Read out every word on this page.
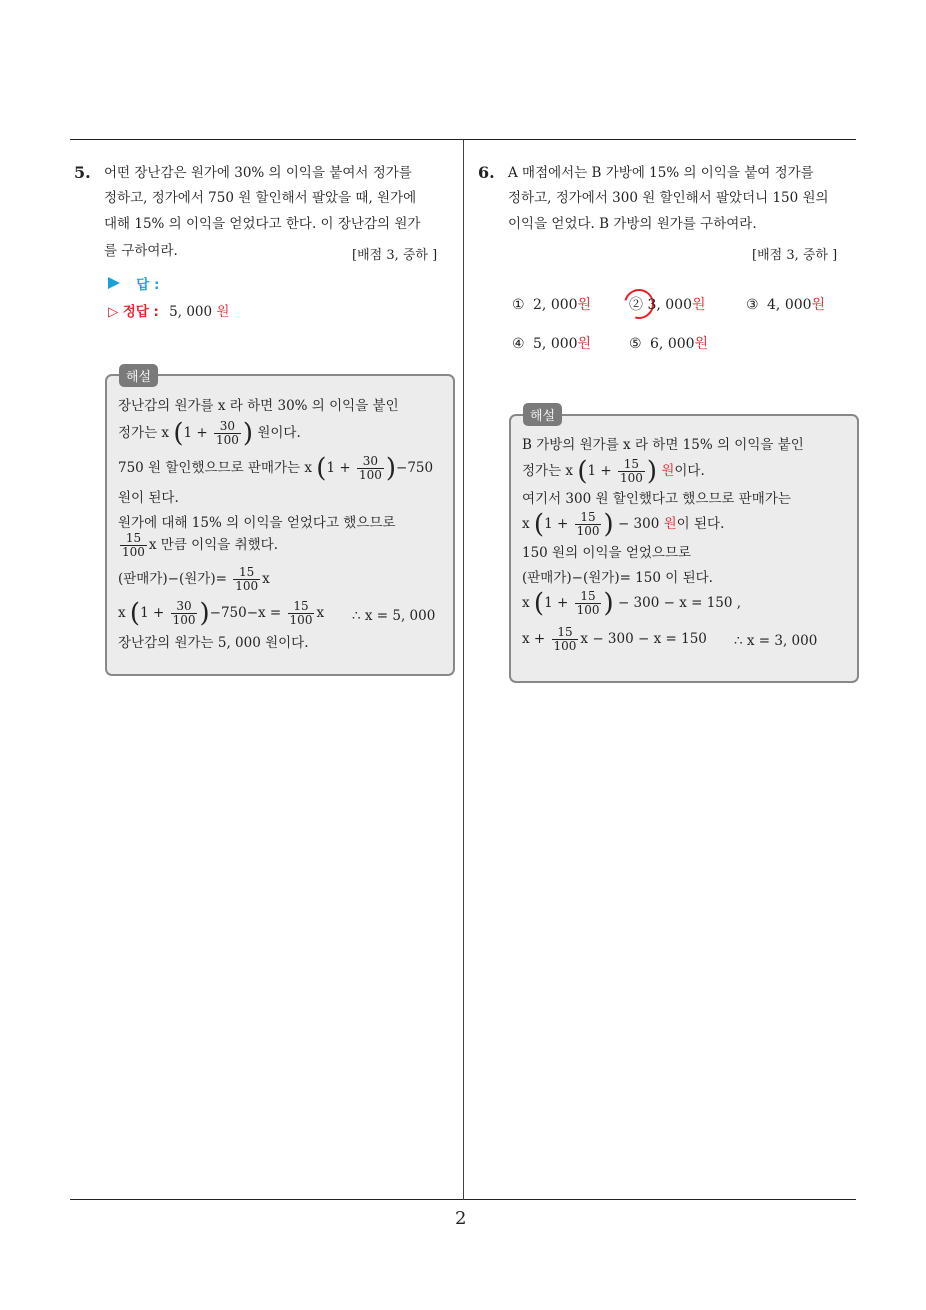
5. 어떤 장난감은 원가에 30% 의 이익을 붙여서 정가를
정하고, 정가에서 750 원 할인해서 팔았을 때, 원가에
대해 15% 의 이익을 얻었다고 한다. 이 장난감의 원가
를 구하여라.	[배점 3, 중하 ]
답 :
▷ 정답 : 5, 000 원
해설
장난감의 원가를 x 라 하면 30% 의 이익을 붙인
정가는 x ($1 + \frac{30}{100}$ ) 원이다.
750 원 할인했으므로 판매가는 x $(1 + \frac{30}{100} )-750$
원이 된다.
원가에 대해 15% 의 이익을 얻었다고 했으므로
$\frac{15}{100}$ x 만큼 이익을 취했다.
(판매가)−(원가)= $\frac{15}{100}$ x
x $(1 + \frac{30}{100} )-750-x = \frac{15}{100}$ x ∴ x = 5, 000
장난감의 원가는 5, 000 원이다.
6. A 매점에서는 B 가방에 15% 의 이익을 붙여 정가를
정하고, 정가에서 300 원 할인해서 팔았더니 150 원의
이익을 얻었다. B 가방의 원가를 구하여라.
[배점 3, 중하 ]
① 2, 000원	② 3, 000원	③ 4, 000원
④ 5, 000원	⑤ 6, 000원
해설
B 가방의 원가를 x 라 하면 15% 의 이익을 붙인
정가는 x ($1 + \frac{15}{100}$ ) 원이다.
여기서 300 원 할인했다고 했으므로 판매가는
x ($1 + \frac{15}{100}$ ) − 300 원이 된다.
150 원의 이익을 얻었으므로
(판매가)−(원가)= 150 이 된다.
x ($1 + \frac{15}{100}$ ) − 300 − x = 150 ,
$x + \frac{15}{100}$ x − 300 − x = 150 ∴ x = 3, 000
2
